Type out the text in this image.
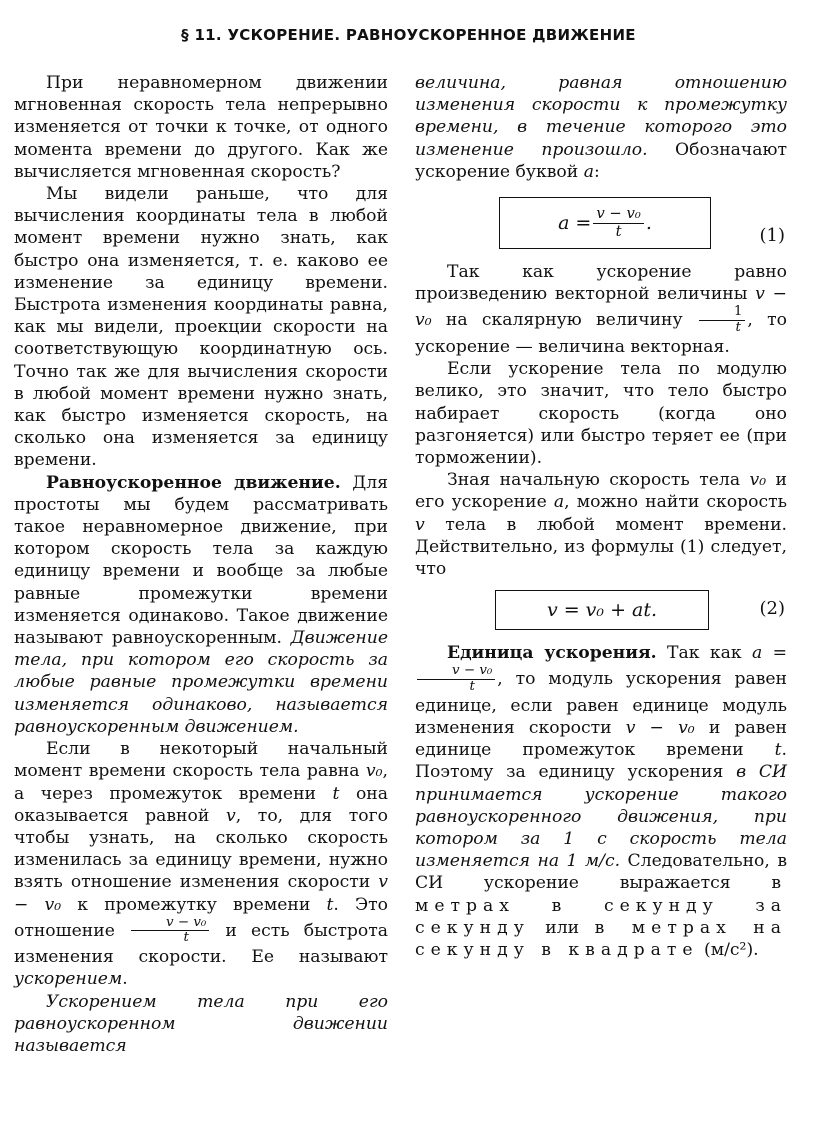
§ 11. УСКОРЕНИЕ. РАВНОУСКОРЕННОЕ ДВИЖЕНИЕ

При неравномерном движении мгновенная скорость тела непрерывно изменяется от точки к точке, от одного момента времени до другого. Как же вычисляется мгновенная скорость?

Мы видели раньше, что для вычисления координаты тела в любой момент времени нужно знать, как быстро она изменяется, т. е. каково ее изменение за единицу времени. Быстрота изменения координаты равна, как мы видели, проекции скорости на соответствующую координатную ось. Точно так же для вычисления скорости в любой момент времени нужно знать, как быстро изменяется скорость, на сколько она изменяется за единицу времени.

Равноускоренное движение. Для простоты мы будем рассматривать такое неравномерное движение, при котором скорость тела за каждую единицу времени и вообще за любые равные промежутки времени изменяется одинаково. Такое движение называют равноускоренным. Движение тела, при котором его скорость за любые равные промежутки времени изменяется одинаково, называется равноускоренным движением.

Если в некоторый начальный момент времени скорость тела равна v₀, а через промежуток времени t она оказывается равной v, то, для того чтобы узнать, на сколько скорость изменилась за единицу времени, нужно взять отношение изменения скорости v − v₀ к промежутку времени t. Это отношение $\frac{\text{v − v₀}}{t}$ и есть быстрота изменения скорости. Ее называют ускорением.

Ускорением тела при его равноускоренном движении называется

величина, равная отношению изменения скорости к промежутку времени, в течение которого это изменение произошло. Обозначают ускорение буквой a:

$a = \frac{\text{v − v₀}}{t}$ .
(1)

Так как ускорение равно произведению векторной величины v − v₀ на скалярную величину $\frac{1}{t}$ , то ускорение — величина векторная.

Если ускорение тела по модулю велико, это значит, что тело быстро набирает скорость (когда оно разгоняется) или быстро теряет ее (при торможении).

Зная начальную скорость тела v₀ и его ускорение a, можно найти скорость v тела в любой момент времени. Действительно, из формулы (1) следует, что

v = v₀ + at.	(2)

Единица ускорения. Так как a =
$\frac{\text{v − v₀}}{t}$ , то модуль ускорения равен единице, если равен единице модуль изменения скорости v − v₀ и равен единице промежуток времени t. Поэтому за единицу ускорения в СИ принимается ускорение такого равноускоренного движения, при котором за 1 с скорость тела изменяется на 1 м/с. Следовательно, в СИ ускорение выражается в метрах в секунду за секунду или в метрах на секунду в квадрате (м/с²).
